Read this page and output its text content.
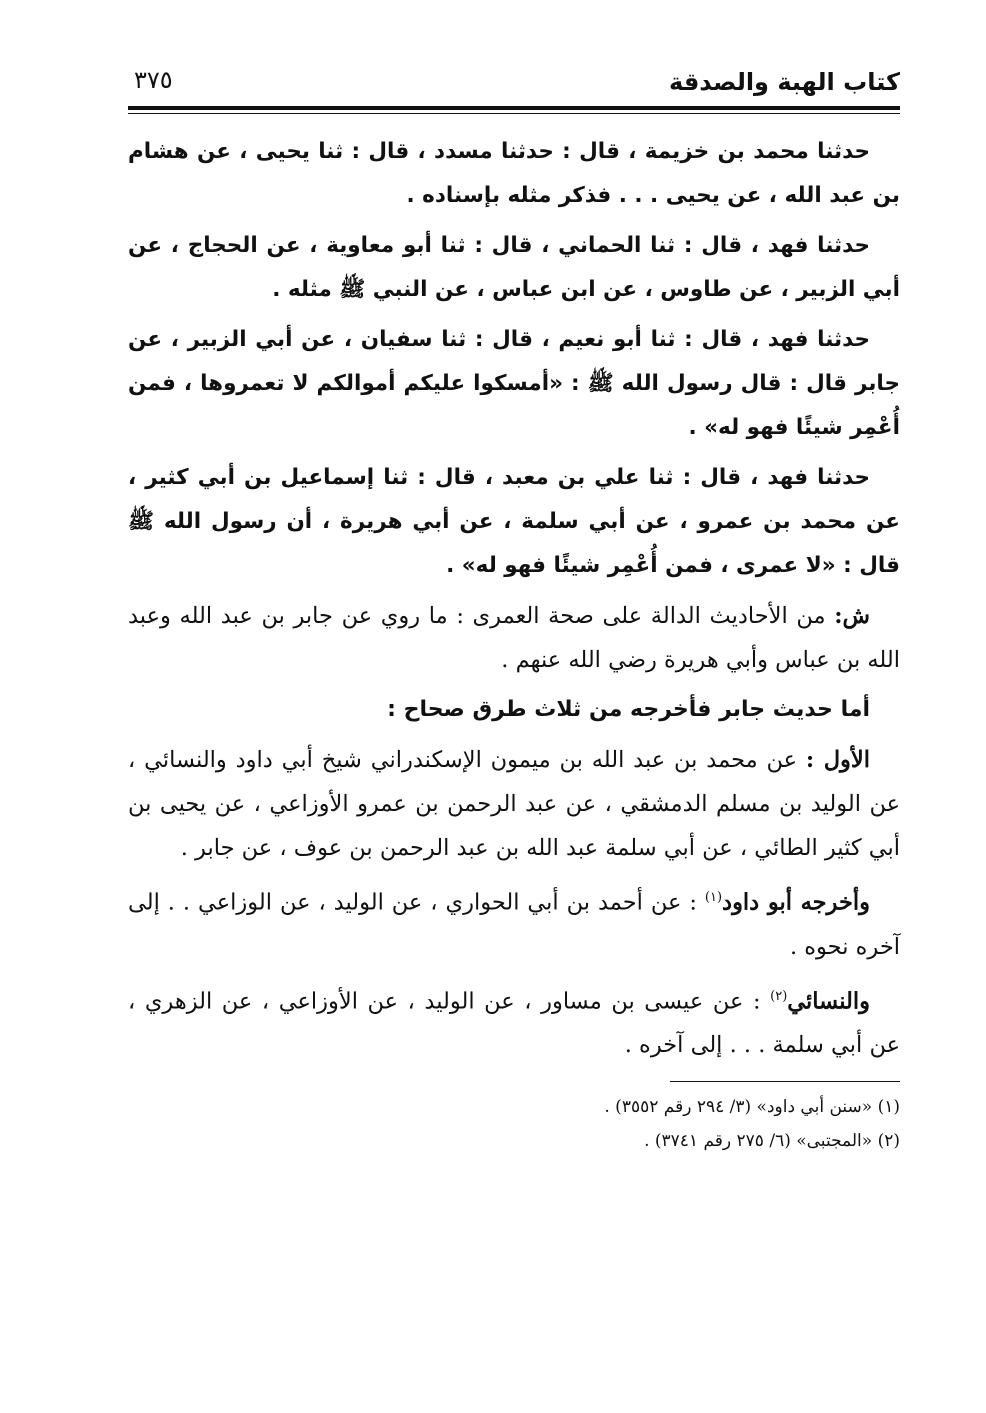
كتاب الهبة والصدقة
٣٧٥

حدثنا محمد بن خزيمة ، قال : حدثنا مسدد ، قال : ثنا يحيى ، عن هشام بن عبد الله ، عن يحيى . . . فذكر مثله بإسناده .

حدثنا فهد ، قال : ثنا الحماني ، قال : ثنا أبو معاوية ، عن الحجاج ، عن أبي الزبير ، عن طاوس ، عن ابن عباس ، عن النبي ﷺ مثله .

حدثنا فهد ، قال : ثنا أبو نعيم ، قال : ثنا سفيان ، عن أبي الزبير ، عن جابر قال : قال رسول الله ﷺ : «أمسكوا عليكم أموالكم لا تعمروها ، فمن أُعْمِر شيئًا فهو له» .

حدثنا فهد ، قال : ثنا علي بن معبد ، قال : ثنا إسماعيل بن أبي كثير ، عن محمد بن عمرو ، عن أبي سلمة ، عن أبي هريرة ، أن رسول الله ﷺ قال : «لا عمرى ، فمن أُعْمِر شيئًا فهو له» .

ش: من الأحاديث الدالة على صحة العمرى : ما روي عن جابر بن عبد الله وعبد الله بن عباس وأبي هريرة رضي الله عنهم .

أما حديث جابر فأخرجه من ثلاث طرق صحاح :

الأول : عن محمد بن عبد الله بن ميمون الإسكندراني شيخ أبي داود والنسائي ، عن الوليد بن مسلم الدمشقي ، عن عبد الرحمن بن عمرو الأوزاعي ، عن يحيى بن أبي كثير الطائي ، عن أبي سلمة عبد الله بن عبد الرحمن بن عوف ، عن جابر .

وأخرجه أبو داود$^{(١)}$ : عن أحمد بن أبي الحواري ، عن الوليد ، عن الوزاعي . . إلى آخره نحوه .

والنسائي$^{(٢)}$ : عن عيسى بن مساور ، عن الوليد ، عن الأوزاعي ، عن الزهري ، عن أبي سلمة . . . إلى آخره .

(١) «سنن أبي داود» (٣/ ٢٩٤ رقم ٣٥٥٢) .

(٢) «المجتبى» (٦/ ٢٧٥ رقم ٣٧٤١) .
